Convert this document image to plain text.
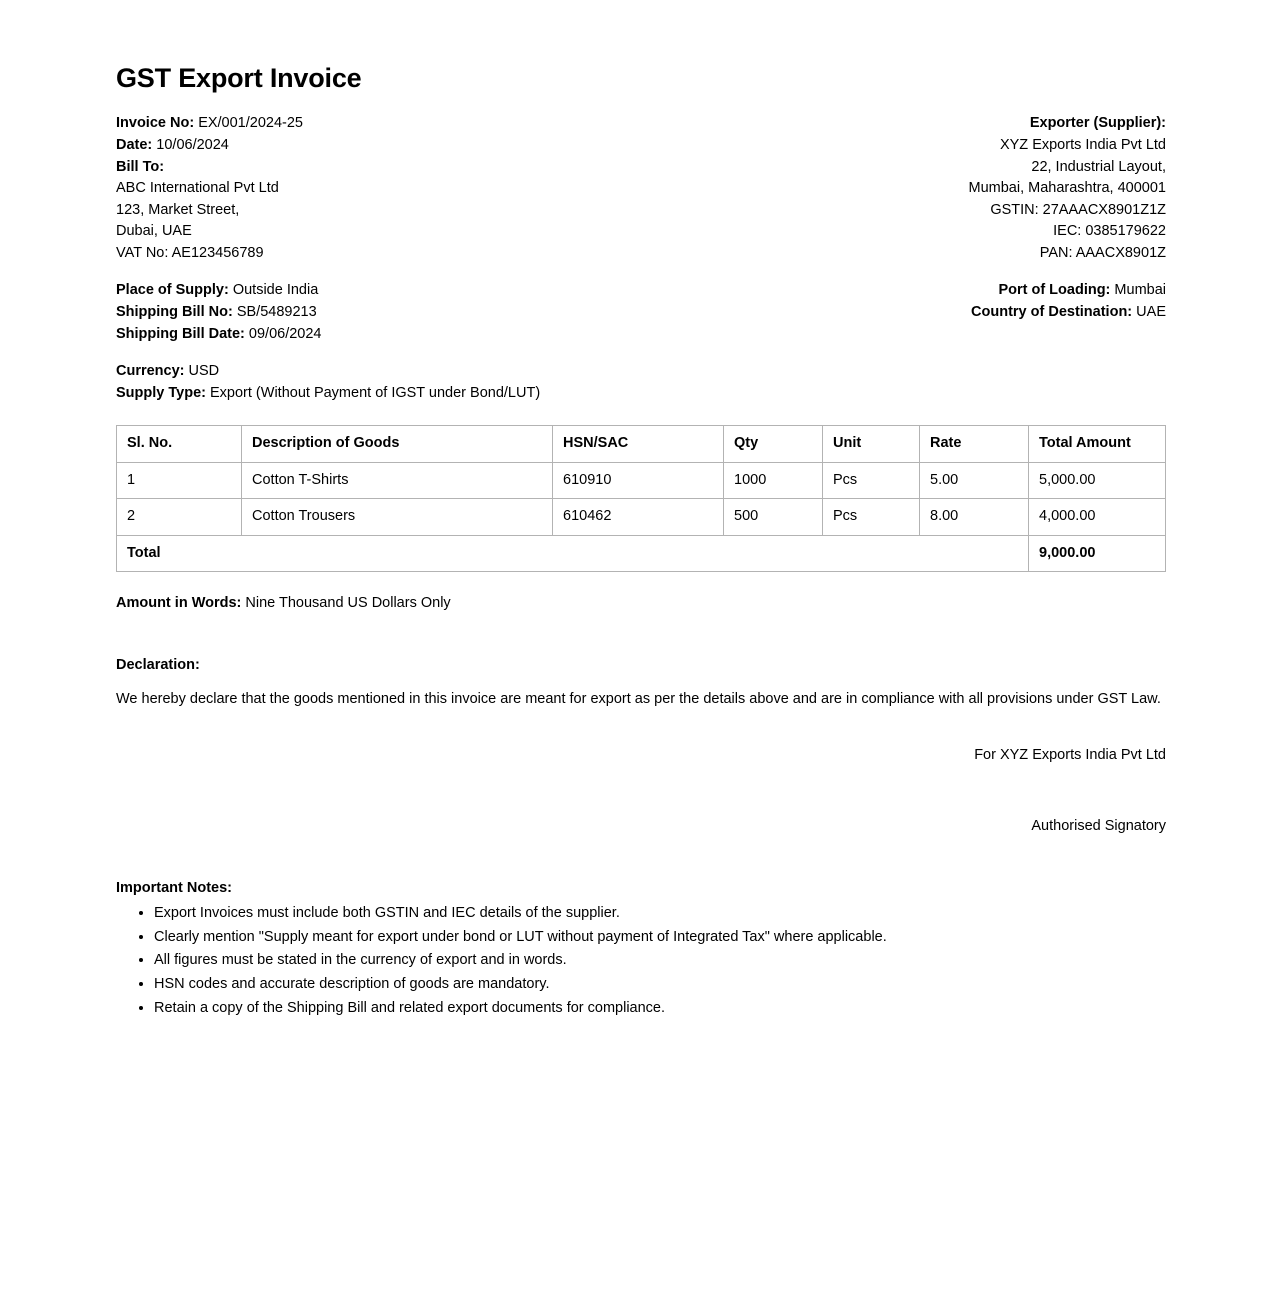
GST Export Invoice

Invoice No: EX/001/2024-25

Date: 10/06/2024

Bill To:

ABC International Pvt Ltd

123, Market Street,

Dubai, UAE

VAT No: AE123456789

Exporter (Supplier):

XYZ Exports India Pvt Ltd

22, Industrial Layout,

Mumbai, Maharashtra, 400001

GSTIN: 27AAACX8901Z1Z

IEC: 0385179622

PAN: AAACX8901Z

Place of Supply: Outside India

Shipping Bill No: SB/5489213

Shipping Bill Date: 09/06/2024

Port of Loading: Mumbai

Country of Destination: UAE

Currency: USD

Supply Type: Export (Without Payment of IGST under Bond/LUT)

Sl. No.	Description of Goods	HSN/SAC	Qty	Unit	Rate	Total Amount
1	Cotton T-Shirts	610910	1000	Pcs	5.00	5,000.00
2	Cotton Trousers	610462	500	Pcs	8.00	4,000.00
Total						9,000.00

Amount in Words: Nine Thousand US Dollars Only

Declaration:

We hereby declare that the goods mentioned in this invoice are meant for export as per the details above and are in compliance with all provisions under GST Law.

For XYZ Exports India Pvt Ltd

Authorised Signatory

Important Notes:

• Export Invoices must include both GSTIN and IEC details of the supplier.
• Clearly mention "Supply meant for export under bond or LUT without payment of Integrated Tax" where applicable.
• All figures must be stated in the currency of export and in words.
• HSN codes and accurate description of goods are mandatory.
• Retain a copy of the Shipping Bill and related export documents for compliance.
